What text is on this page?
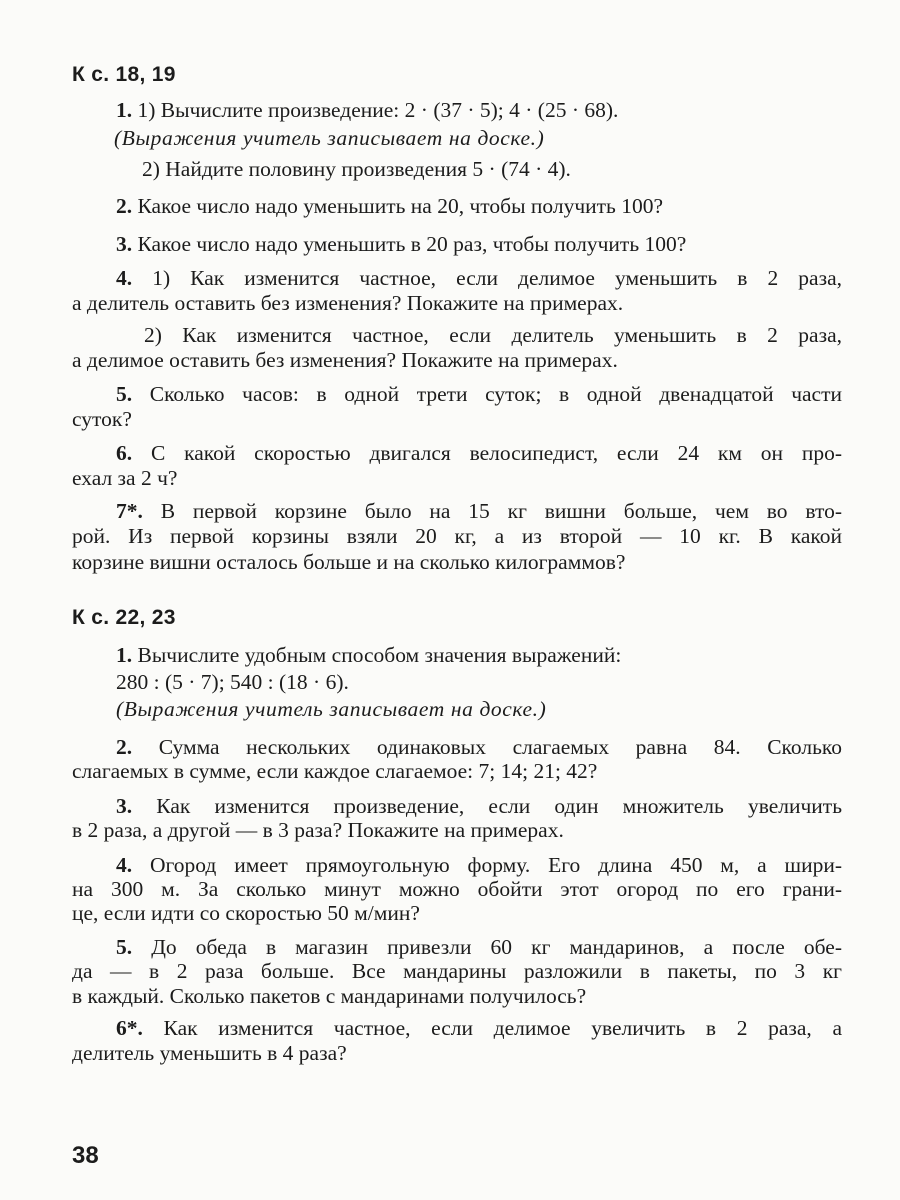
К с. 18, 19
1. 1) Вычислите произведение: 2 · (37 · 5); 4 · (25 · 68).
(Выражения учитель записывает на доске.)
2) Найдите половину произведения 5 · (74 · 4).
2. Какое число надо уменьшить на 20, чтобы получить 100?
3. Какое число надо уменьшить в 20 раз, чтобы получить 100?
4. 1) Как изменится частное, если делимое уменьшить в 2 раза,
а делитель оставить без изменения? Покажите на примерах.
2) Как изменится частное, если делитель уменьшить в 2 раза,
а делимое оставить без изменения? Покажите на примерах.
5. Сколько часов: в одной трети суток; в одной двенадцатой части
суток?
6. С какой скоростью двигался велосипедист, если 24 км он про-
ехал за 2 ч?
7*. В первой корзине было на 15 кг вишни больше, чем во вто-
рой. Из первой корзины взяли 20 кг, а из второй — 10 кг. В какой
корзине вишни осталось больше и на сколько килограммов?
К с. 22, 23
1. Вычислите удобным способом значения выражений:
280 : (5 · 7); 540 : (18 · 6).
(Выражения учитель записывает на доске.)
2. Сумма нескольких одинаковых слагаемых равна 84. Сколько
слагаемых в сумме, если каждое слагаемое: 7; 14; 21; 42?
3. Как изменится произведение, если один множитель увеличить
в 2 раза, а другой — в 3 раза? Покажите на примерах.
4. Огород имеет прямоугольную форму. Его длина 450 м, а шири-
на 300 м. За сколько минут можно обойти этот огород по его грани-
це, если идти со скоростью 50 м/мин?
5. До обеда в магазин привезли 60 кг мандаринов, а после обе-
да — в 2 раза больше. Все мандарины разложили в пакеты, по 3 кг
в каждый. Сколько пакетов с мандаринами получилось?
6*. Как изменится частное, если делимое увеличить в 2 раза, а
делитель уменьшить в 4 раза?
38
